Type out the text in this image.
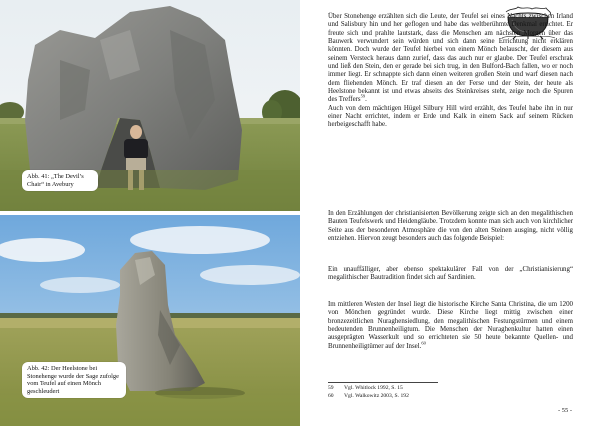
Abb. 41: „The Devil’s Chair“ in Avebury
Abb. 42: Der Heelstone bei Stonehenge wurde der Sage zufolge vom Teufel auf einen Mönch geschleudert

Über Stonehenge erzählten sich die Leute, der Teufel sei eines Nachts zwischen Irland und Salisbury hin und her geflogen und habe das weltberühmte Denkmal errichtet. Er freute sich und prahlte lautstark, dass die Menschen am nächsten Morgen über das Bauwerk verwundert sein würden und sich dann seine Errichtung nicht erklären könnten. Doch wurde der Teufel hierbei von einem Mönch belauscht, der diesem aus seinem Versteck heraus dann zurief, dass das auch nur er glaube. Der Teufel erschrak und ließ den Stein, den er gerade bei sich trug, in den Bulford-Bach fallen, wo er noch immer liegt. Er schnappte sich dann einen weiteren großen Stein und warf diesen nach dem fliehenden Mönch. Er traf diesen an der Ferse und der Stein, der heute als Heelstone bekannt ist und etwas abseits des Steinkreises steht, zeige noch die Spuren des Treffers$^{59}$.

Auch von dem mächtigen Hügel Silbury Hill wird erzählt, des Teufel habe ihn in nur einer Nacht errichtet, indem er Erde und Kalk in einem Sack auf seinem Rücken herbeigeschafft habe.

In den Erzählungen der christianisierten Bevölkerung zeigte sich an den megalithischen Bauten Teufelswerk und Heidengläube. Trotzdem konnte man sich auch von kirchlicher Seite aus der besonderen Atmosphäre die von den alten Steinen ausging, nicht völlig entziehen. Hiervon zeugt besonders auch das folgende Beispiel:
Ein unauffälliger, aber ebenso spektakulärer Fall von der „Christianisierung“ megalithischer Bautradition findet sich auf Sardinien.
Im mittleren Westen der Insel liegt die historische Kirche Santa Christina, die um 1200 von Mönchen gegründet wurde. Diese Kirche liegt mittig zwischen einer bronzezeitlichen Nuraghensiedlung, den megalithischen Festungstürmen und einem bedeutenden Brunnenheiligtum. Die Menschen der Nuraghenkultur hatten einen ausgeprägten Wasserkult und so errichteten sie 50 heute bekannte Quellen- und Brunnenheiligtümer auf der Insel.$^{60}$
59	Vgl. Whitlock 1992, S. 15
60	Vgl. Walkowitz 2003, S. 192
- 55 -
